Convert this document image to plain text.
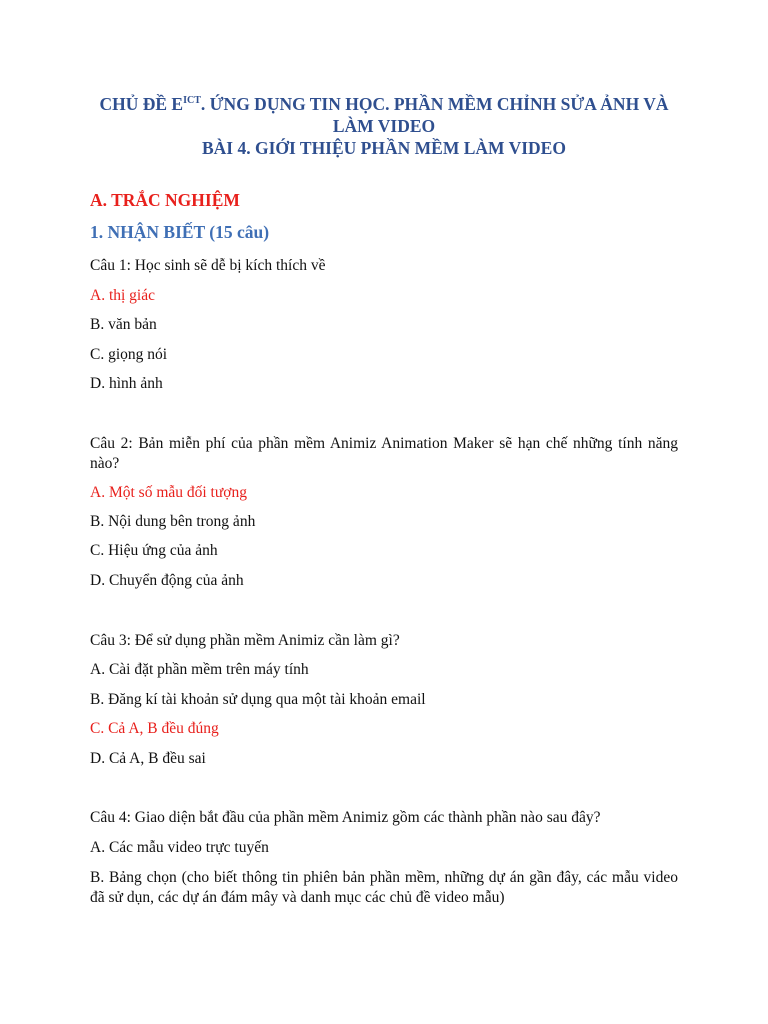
CHỦ ĐỀ $E^{ICT}$. ỨNG DỤNG TIN HỌC. PHẦN MỀM CHỈNH SỬA ẢNH VÀ LÀM VIDEO
BÀI 4. GIỚI THIỆU PHẦN MỀM LÀM VIDEO
A. TRẮC NGHIỆM
1. NHẬN BIẾT (15 câu)
Câu 1: Học sinh sẽ dễ bị kích thích về
A. thị giác
B. văn bản
C. giọng nói
D. hình ảnh
Câu 2: Bản miễn phí của phần mềm Animiz Animation Maker sẽ hạn chế những tính năng nào?
A. Một số mẫu đối tượng
B. Nội dung bên trong ảnh
C. Hiệu ứng của ảnh
D. Chuyển động của ảnh
Câu 3: Để sử dụng phần mềm Animiz cần làm gì?
A. Cài đặt phần mềm trên máy tính
B. Đăng kí tài khoản sử dụng qua một tài khoản email
C. Cả A, B đều đúng
D. Cả A, B đều sai
Câu 4: Giao diện bắt đầu của phần mềm Animiz gồm các thành phần nào sau đây?
A. Các mẫu video trực tuyến
B. Bảng chọn (cho biết thông tin phiên bản phần mềm, những dự án gần đây, các mẫu video đã sử dụn, các dự án đám mây và danh mục các chủ đề video mẫu)
